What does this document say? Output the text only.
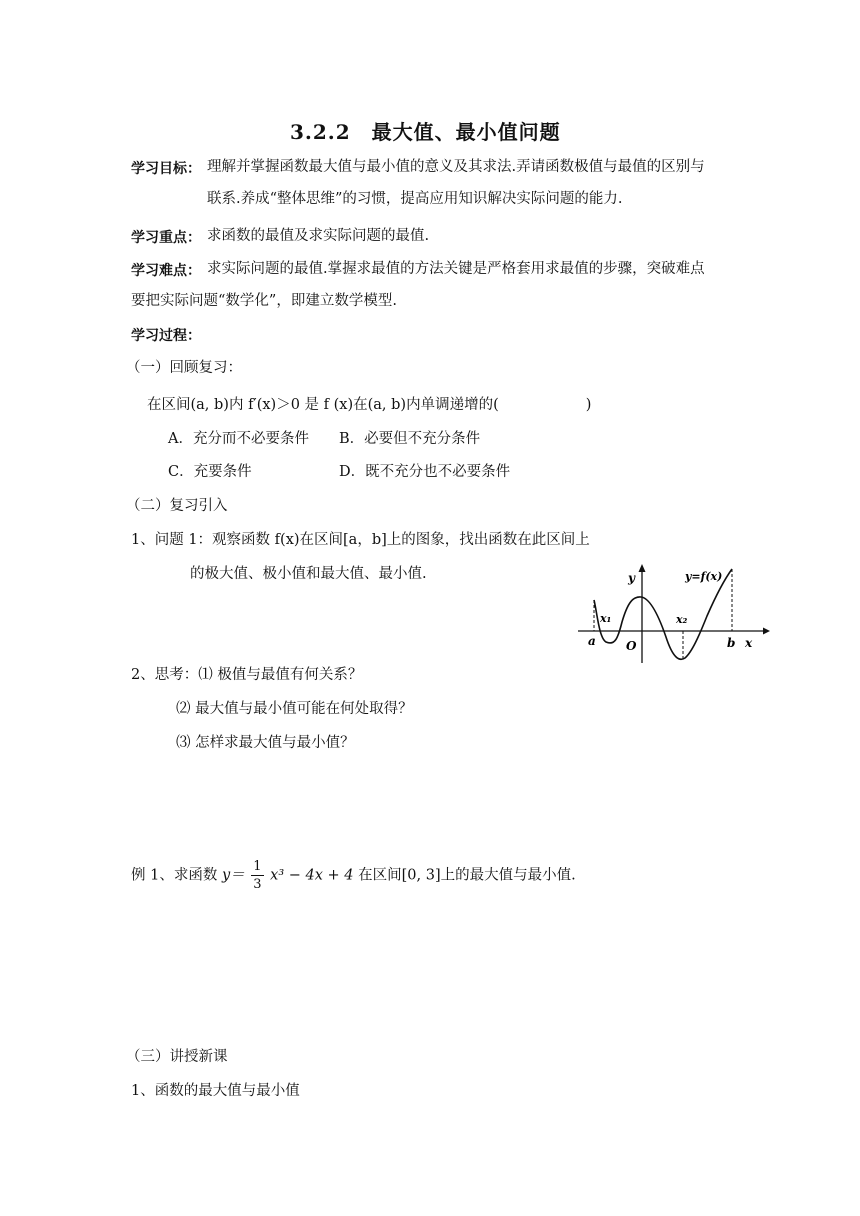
3.2.2　最大值、最小值问题
学习目标： 理解并掌握函数最大值与最小值的意义及其求法.弄请函数极值与最值的区别与
联系.养成“整体思维”的习惯，提高应用知识解决实际问题的能力.
学习重点： 求函数的最值及求实际问题的最值.
学习难点： 求实际问题的最值.掌握求最值的方法关键是严格套用求最值的步骤，突破难点
要把实际问题“数学化”，即建立数学模型.
学习过程：
（一）回顾复习：
在区间(a, b)内 f′(x)＞0 是 f (x)在(a, b)内单调递增的(　　　　　　)
A．充分而不必要条件 B．必要但不充分条件
C．充要条件	D．既不充分也不必要条件
（二）复习引入
1、问题 1：观察函数 f(x)在区间[a，b]上的图象，找出函数在此区间上
的极大值、极小值和最大值、最小值.	y	y=f(x)
x₁	x₂
a	O	b x
2、思考：⑴ 极值与最值有何关系？
⑵ 最大值与最小值可能在何处取得？
⑶ 怎样求最大值与最小值？
例 1、求函数 $y= \frac{1}{3} x^3 - 4x + 4$ 在区间[0, 3]上的最大值与最小值.
（三）讲授新课
1、函数的最大值与最小值
